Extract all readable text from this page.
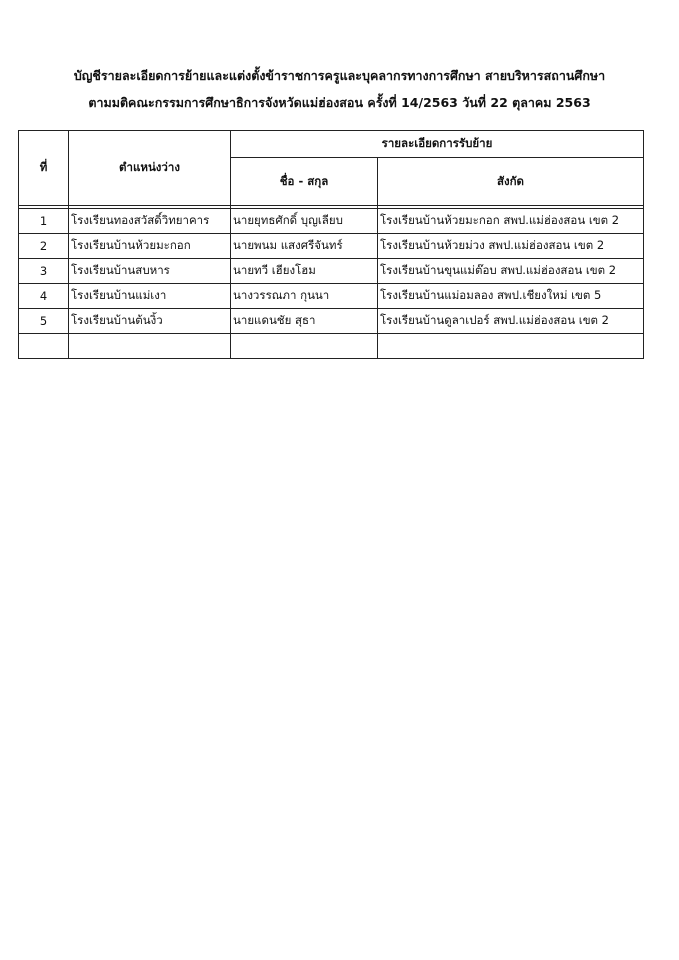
บัญชีรายละเอียดการย้ายและแต่งตั้งข้าราชการครูและบุคลากรทางการศึกษา สายบริหารสถานศึกษา
ตามมติคณะกรรมการศึกษาธิการจังหวัดแม่ฮ่องสอน ครั้งที่ 14/2563 วันที่ 22 ตุลาคม 2563
ที่	ตำแหน่งว่าง	รายละเอียดการรับย้าย	
		ชื่อ - สกุล	สังกัด

1	โรงเรียนทองสวัสดิ์วิทยาคาร	นายยุทธศักดิ์ บุญเลียบ	โรงเรียนบ้านห้วยมะกอก สพป.แม่ฮ่องสอน เขต 2
2	โรงเรียนบ้านห้วยมะกอก	นายพนม แสงศรีจันทร์	โรงเรียนบ้านห้วยม่วง สพป.แม่ฮ่องสอน เขต 2
3	โรงเรียนบ้านสบหาร	นายทวี เฮียงโฮม	โรงเรียนบ้านขุนแม่ต๊อบ สพป.แม่ฮ่องสอน เขต 2
4	โรงเรียนบ้านแม่เงา	นางวรรณภา กุนนา	โรงเรียนบ้านแม่อมลอง สพป.เชียงใหม่ เขต 5
5	โรงเรียนบ้านต้นงิ้ว	นายแดนชัย สุธา	โรงเรียนบ้านดูลาเปอร์ สพป.แม่ฮ่องสอน เขต 2
